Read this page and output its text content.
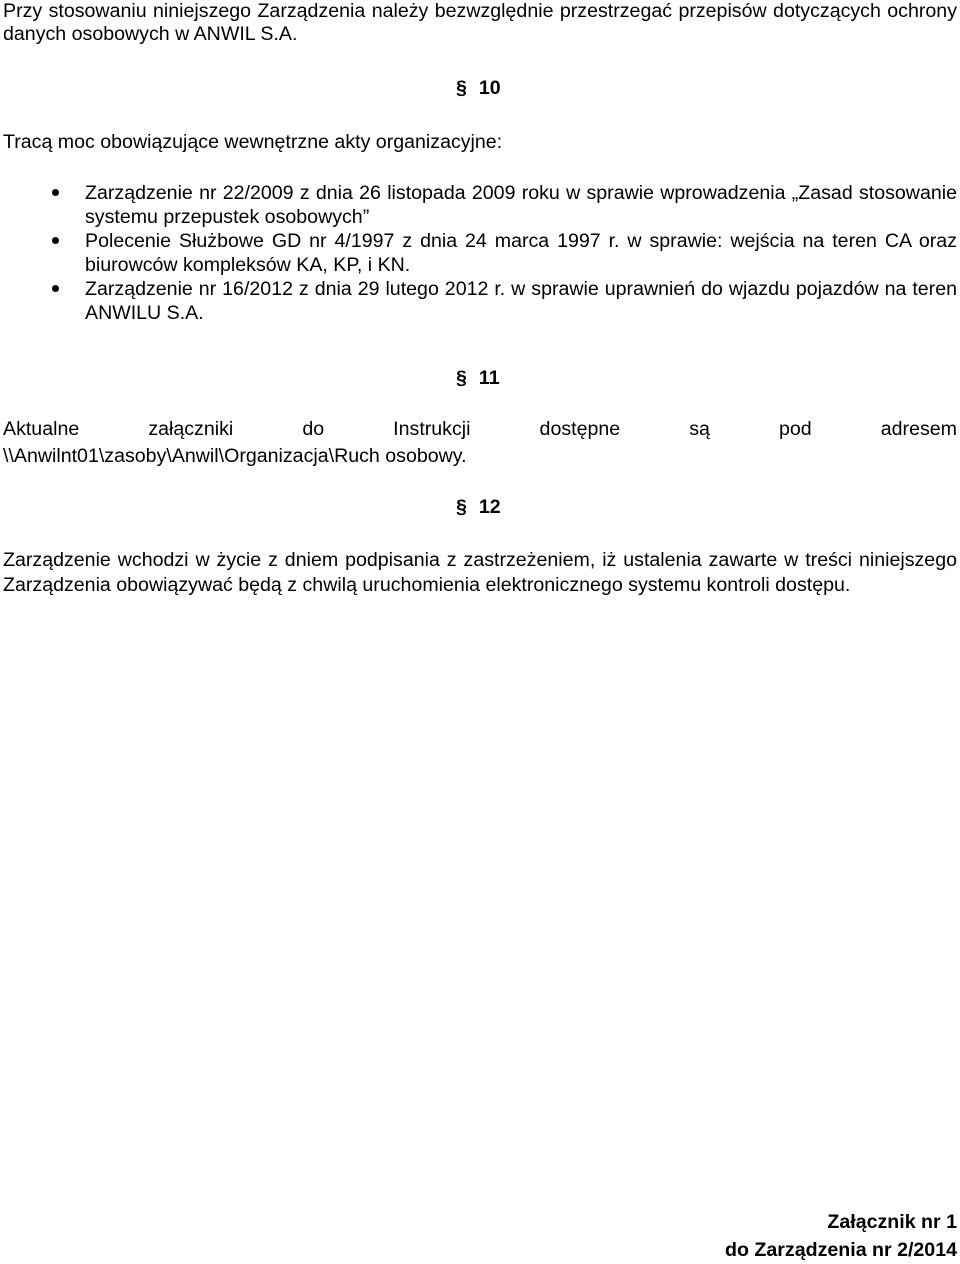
Przy stosowaniu niniejszego Zarządzenia należy bezwzględnie przestrzegać przepisów dotyczących ochrony danych osobowych w ANWIL S.A.

§ 10

Tracą moc obowiązujące wewnętrzne akty organizacyjne:

Zarządzenie nr 22/2009 z dnia 26 listopada 2009 roku w sprawie wprowadzenia „Zasad stosowanie systemu przepustek osobowych”
Polecenie Służbowe GD nr 4/1997 z dnia 24 marca 1997 r. w sprawie: wejścia na teren CA oraz biurowców kompleksów KA, KP, i KN.
Zarządzenie nr 16/2012 z dnia 29 lutego 2012 r. w sprawie uprawnień do wjazdu pojazdów na teren ANWILU S.A.
§ 11
Aktualne załączniki do Instrukcji dostępne są pod adresem
\\Anwilnt01\zasoby\Anwil\Organizacja\Ruch osobowy.
§ 12

Zarządzenie wchodzi w życie z dniem podpisania z zastrzeżeniem, iż ustalenia zawarte w treści niniejszego Zarządzenia obowiązywać będą z chwilą uruchomienia elektronicznego systemu kontroli dostępu.

Załącznik nr 1
do Zarządzenia nr 2/2014
